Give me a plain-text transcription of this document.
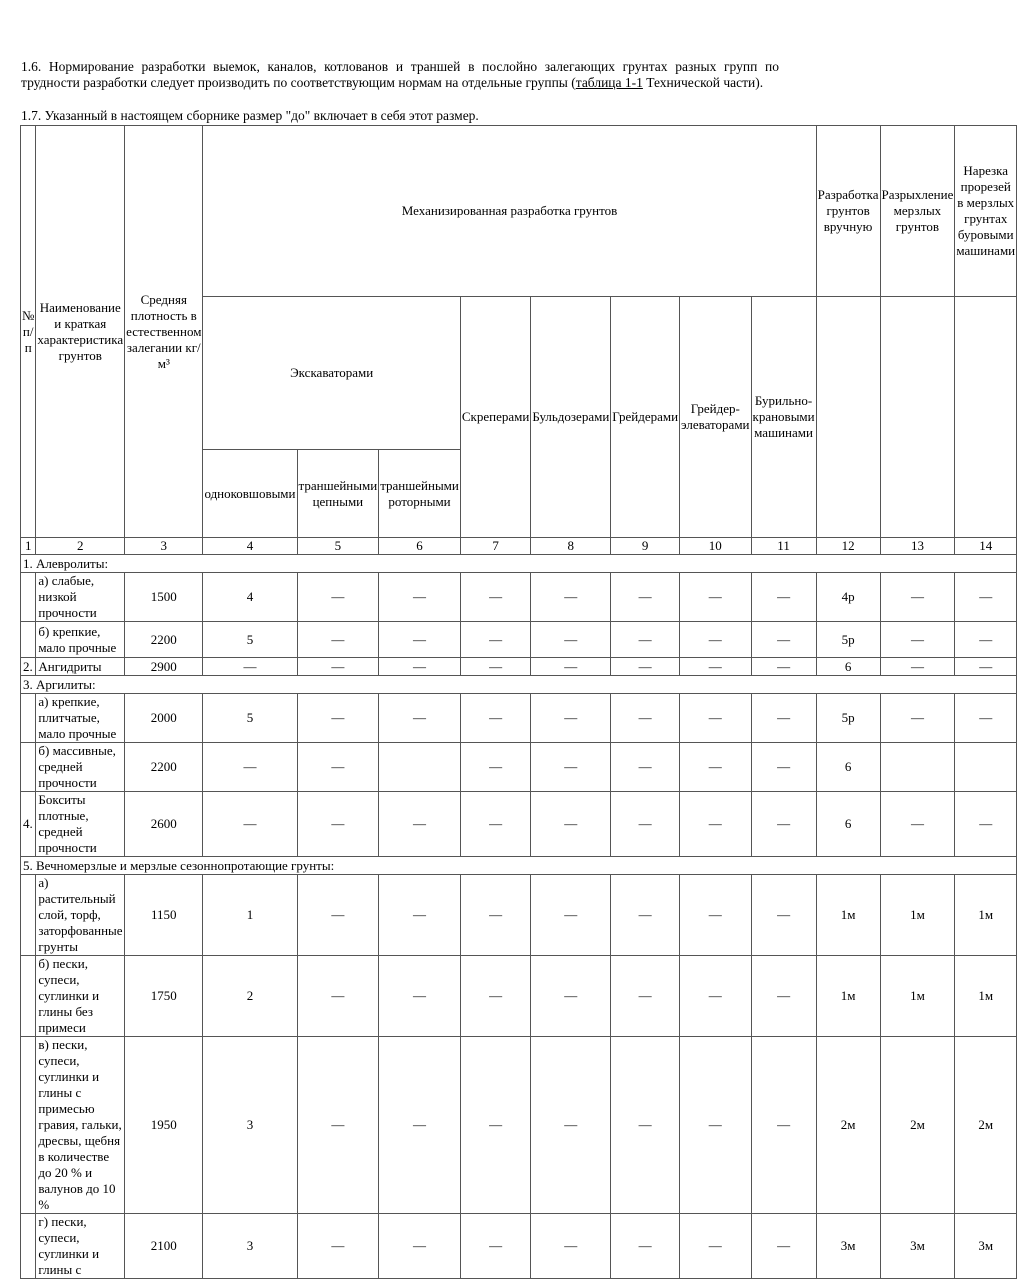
1.6. Нормирование разработки выемок, каналов, котлованов и траншей в послойно залегающих грунтах разных групп по трудности разработки следует производить по соответствующим нормам на отдельные группы (таблица 1-1 Технической части).
1.7. Указанный в настоящем сборнике размер "до" включает в себя этот размер.
№ п/п	Наименование и краткая характеристика грунтов	Средняя плотность в естественном залегании кг/м³	Механизированная разработка грунтов								Разработка грунтов вручную	Разрыхление мерзлых грунтов	Нарезка прорезей в мерзлых грунтах буровыми машинами
			Экскаваторами			Скреперами	Бульдозерами	Грейдерами	Грейдер-элеваторами	Бурильно-крановыми машинами			
			одноковшовыми	траншейными цепными	траншейными роторными								
1	2	3	4	5	6	7	8	9	10	11	12	13	14
1. Алевролиты:													
	а) слабые, низкой прочности	1500	4	—	—	—	—	—	—	—	4р	—	—
	б) крепкие, мало прочные	2200	5	—	—	—	—	—	—	—	5р	—	—
2.	Ангидриты	2900	—	—	—	—	—	—	—	—	6	—	—
3. Аргилиты:													
	а) крепкие, плитчатые, мало прочные	2000	5	—	—	—	—	—	—	—	5р	—	—
	б) массивные, средней прочности	2200	—	—		—	—	—	—	—	6		
4.	Бокситы плотные, средней прочности	2600	—	—	—	—	—	—	—	—	6	—	—
5. Вечномерзлые и мерзлые сезоннопротающие грунты:													
	а) растительный слой, торф, заторфованные грунты	1150	1	—	—	—	—	—	—	—	1м	1м	1м
	б) пески, супеси, суглинки и глины без примеси	1750	2	—	—	—	—	—	—	—	1м	1м	1м
	в) пески, супеси, суглинки и глины с примесью гравия, гальки, дресвы, щебня в количестве до 20 % и валунов до 10 %	1950	3	—	—	—	—	—	—	—	2м	2м	2м
	г) пески, супеси, суглинки и глины с	2100	3	—	—	—	—	—	—	—	3м	3м	3м
